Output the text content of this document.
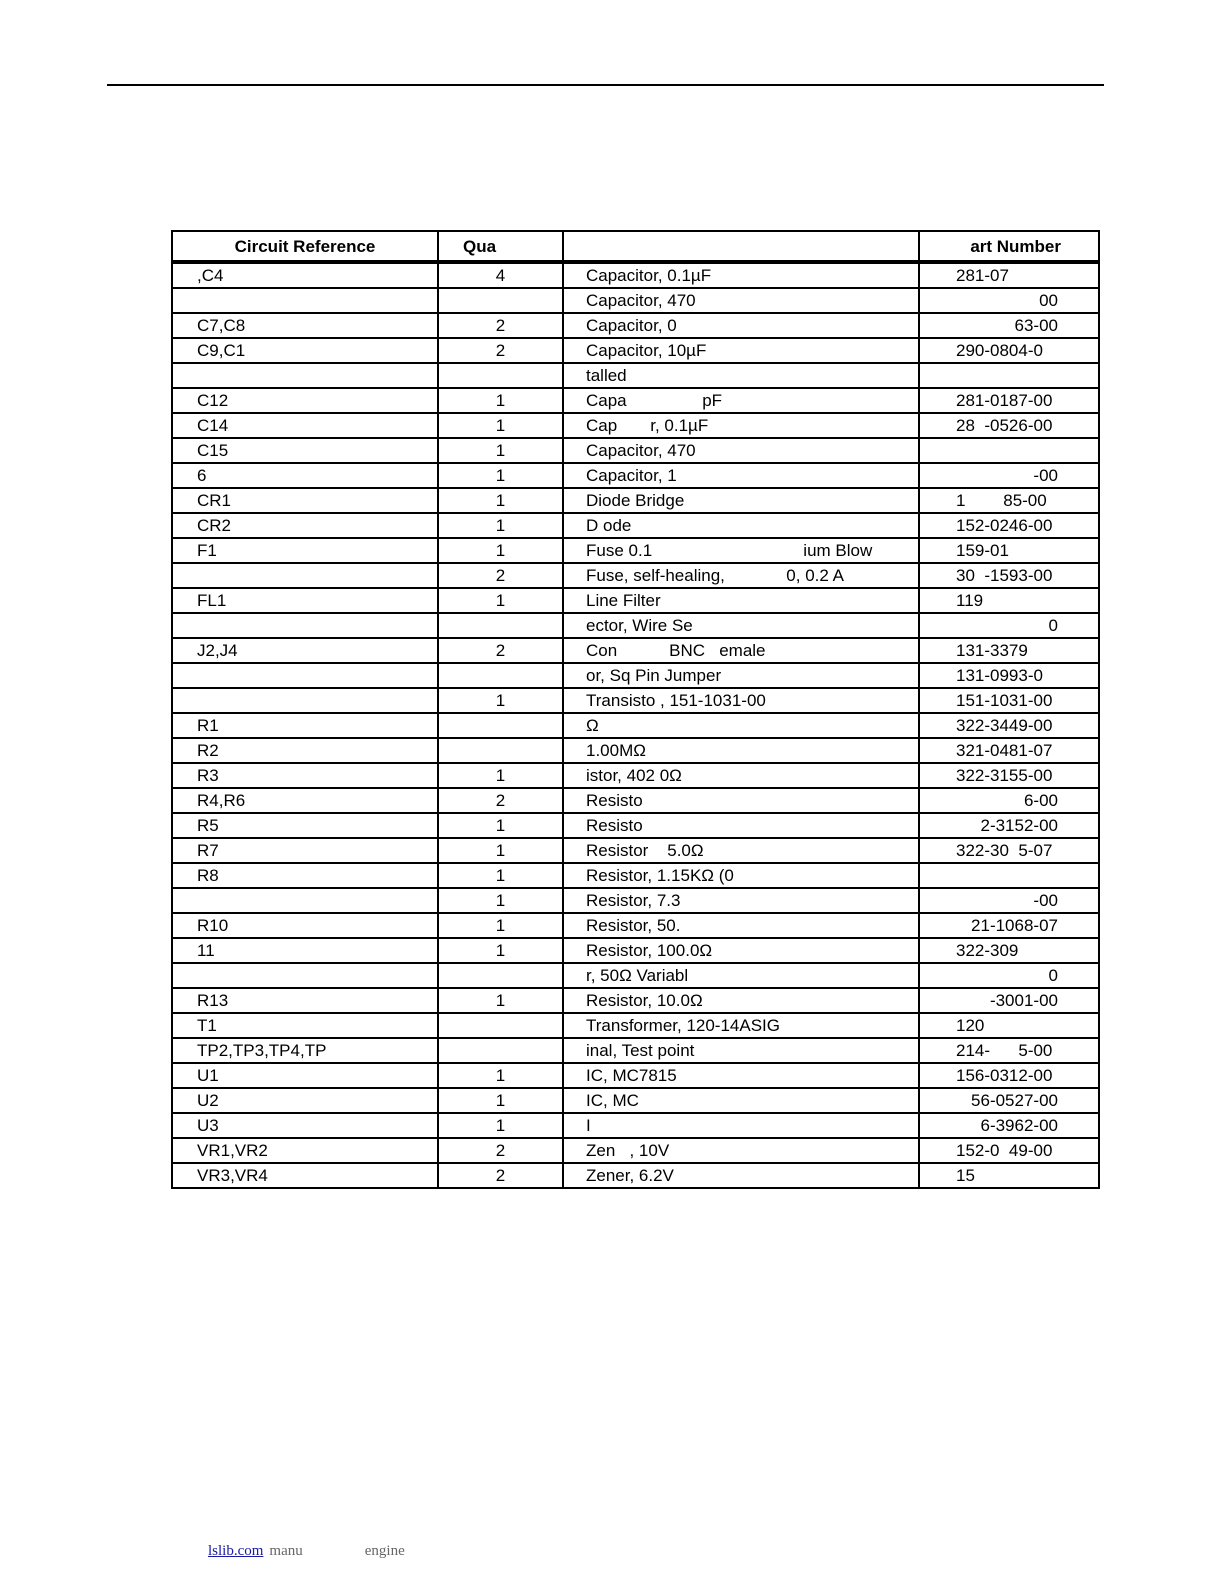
Circuit Reference	Qua		art Number
,C4	4	Capacitor, 0.1µF	281-07
		Capacitor, 470	00
C7,C8	2	Capacitor, 0	63-00
C9,C1	2	Capacitor, 10µF	290-0804-0
		talled	
C12	1	Capa                pF	281-0187-00
C14	1	Cap       r, 0.1µF	28  -0526-00
C15	1	Capacitor, 470	
6	1	Capacitor, 1	-00
CR1	1	Diode Bridge	1        85-00
CR2	1	D ode	152-0246-00
F1	1	Fuse 0.1                                ium Blow	159-01
	2	Fuse, self-healing,             0, 0.2 A	30  -1593-00
FL1	1	Line Filter	119
		ector, Wire Se	0
J2,J4	2	Con           BNC   emale	131-3379
		or, Sq Pin Jumper	131-0993-0
	1	Transisto , 151-1031-00	151-1031-00
R1		Ω	322-3449-00
R2		1.00MΩ	321-0481-07
R3	1	istor, 402 0Ω	322-3155-00
R4,R6	2	Resisto	6-00
R5	1	Resisto	2-3152-00
R7	1	Resistor    5.0Ω	322-30  5-07
R8	1	Resistor, 1.15KΩ (0	
	1	Resistor, 7.3	-00
R10	1	Resistor, 50.	21-1068-07
11	1	Resistor, 100.0Ω	322-309
		r, 50Ω Variabl	0
R13	1	Resistor, 10.0Ω	-3001-00
T1		Transformer, 120-14ASIG	120
TP2,TP3,TP4,TP		inal, Test point	214-      5-00
U1	1	IC, MC7815	156-0312-00
U2	1	IC, MC	56-0527-00
U3	1	I	6-3962-00
VR1,VR2	2	Zen   , 10V	152-0  49-00
VR3,VR4	2	Zener, 6.2V	15
lslib.com manu	engine
